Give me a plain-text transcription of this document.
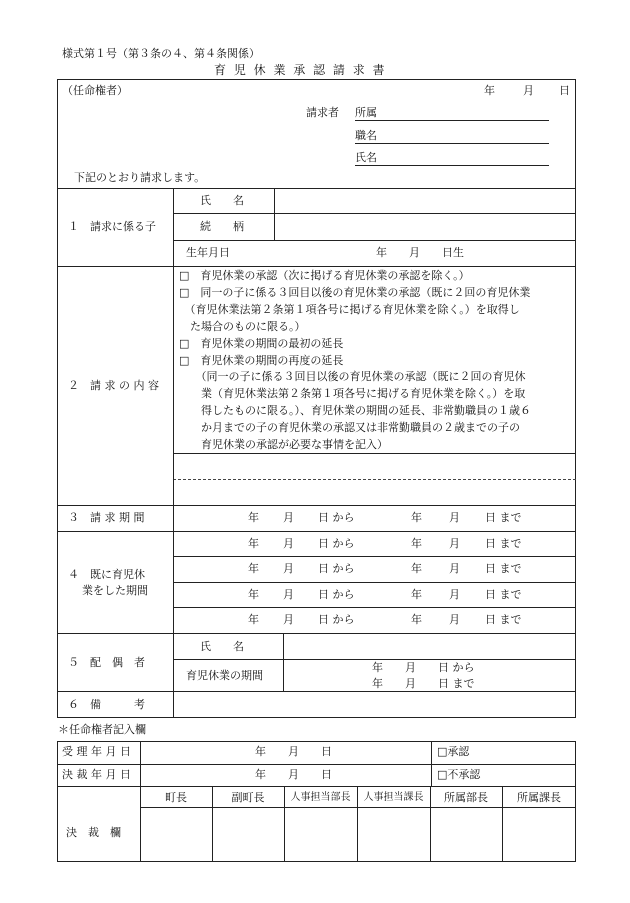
様式第１号（第３条の４、第４条関係）
育 児 休 業 承 認 請 求 書
（任命権者）	年	月 日
請求者 所属
職名
氏名
下記のとおり請求します。
１　請求に係る子
氏　　名
続　　柄
生年月日	年　　月　　日生
２　請 求 の 内 容
□　育児休業の承認（次に掲げる育児休業の承認を除く。）
□　同一の子に係る３回目以後の育児休業の承認（既に２回の育児休業
　（育児休業法第２条第１項各号に掲げる育児休業を除く。）を取得し
　た場合のものに限る。）
□　育児休業の期間の最初の延長
□　育児休業の期間の再度の延長
　　（同一の子に係る３回目以後の育児休業の承認（既に２回の育児休
　　業（育児休業法第２条第１項各号に掲げる育児休業を除く。）を取
　　得したものに限る。）、育児休業の期間の延長、非常勤職員の１歳６
　　か月までの子の育児休業の承認又は非常勤職員の２歳までの子の
　　育児休業の承認が必要な事情を記入）
３　請 求 期 間	年 月 日 から	年 月 日 まで
年 月 日 から	年 月 日 まで
年 月 日 から	年 月 日 まで
年 月 日 から	年 月 日 まで
年 月 日 から	年 月 日 まで
４　既に育児休
業をした期間
５　配　偶　者
氏　　名
育児休業の期間
年　　月　　日 から
年　　月　　日 まで
６　備　　　考
＊任命権者記入欄
受 理 年 月 日	年　　月　　日	□承認
決 裁 年 月 日	年　　月　　日	□不承認
決　裁　欄
町長	副町長	人事担当部長	人事担当課長	所属部長	所属課長
